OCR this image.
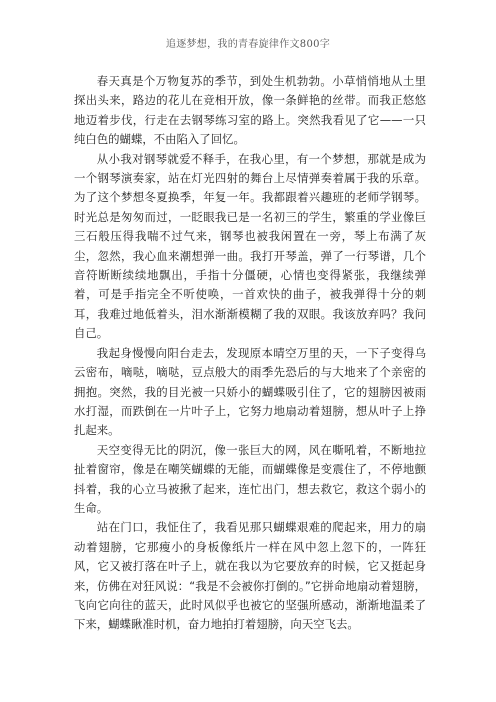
追逐梦想，我的青春旋律作文800字

春天真是个万物复苏的季节，到处生机勃勃。小草悄悄地从土里探出头来，路边的花儿在竞相开放，像一条鲜艳的丝带。而我正悠悠地迈着步伐，行走在去钢琴练习室的路上。突然我看见了它——一只纯白色的蝴蝶，不由陷入了回忆。

从小我对钢琴就爱不释手，在我心里，有一个梦想，那就是成为一个钢琴演奏家，站在灯光四射的舞台上尽情弹奏着属于我的乐章。为了这个梦想冬夏换季，年复一年。我都跟着兴趣班的老师学钢琴。时光总是匆匆而过，一眨眼我已是一名初三的学生，繁重的学业像巨三石般压得我喘不过气来，钢琴也被我闲置在一旁，琴上布满了灰尘，忽然，我心血来潮想弹一曲。我打开琴盖，弹了一行琴谱，几个音符断断续续地飘出，手指十分僵硬，心情也变得紧张，我继续弹着，可是手指完全不听使唤，一首欢快的曲子，被我弹得十分的刺耳，我难过地低着头，泪水渐渐模糊了我的双眼。我该放弃吗？我问自己。

我起身慢慢向阳台走去，发现原本晴空万里的天，一下子变得乌云密布，嘀哒，嘀哒，豆点般大的雨季先恐后的与大地来了个亲密的拥抱。突然，我的目光被一只娇小的蝴蝶吸引住了，它的翅膀因被雨水打湿，而跌倒在一片叶子上，它努力地扇动着翅膀，想从叶子上挣扎起来。

天空变得无比的阴沉，像一张巨大的网，风在嘶吼着，不断地拉扯着窗帘，像是在嘲笑蝴蝶的无能，而蝴蝶像是变震住了，不停地颤抖着，我的心立马被揪了起来，连忙出门，想去救它，救这个弱小的生命。

站在门口，我怔住了，我看见那只蝴蝶艰难的爬起来，用力的扇动着翅膀，它那瘦小的身板像纸片一样在风中忽上忽下的，一阵狂风，它又被打落在叶子上，就在我以为它要放弃的时候，它又挺起身来，仿佛在对狂风说：“我是不会被你打倒的。”它拼命地扇动着翅膀，飞向它向往的蓝天，此时风似乎也被它的坚强所感动，渐渐地温柔了下来，蝴蝶瞅准时机，奋力地拍打着翅膀，向天空飞去。
